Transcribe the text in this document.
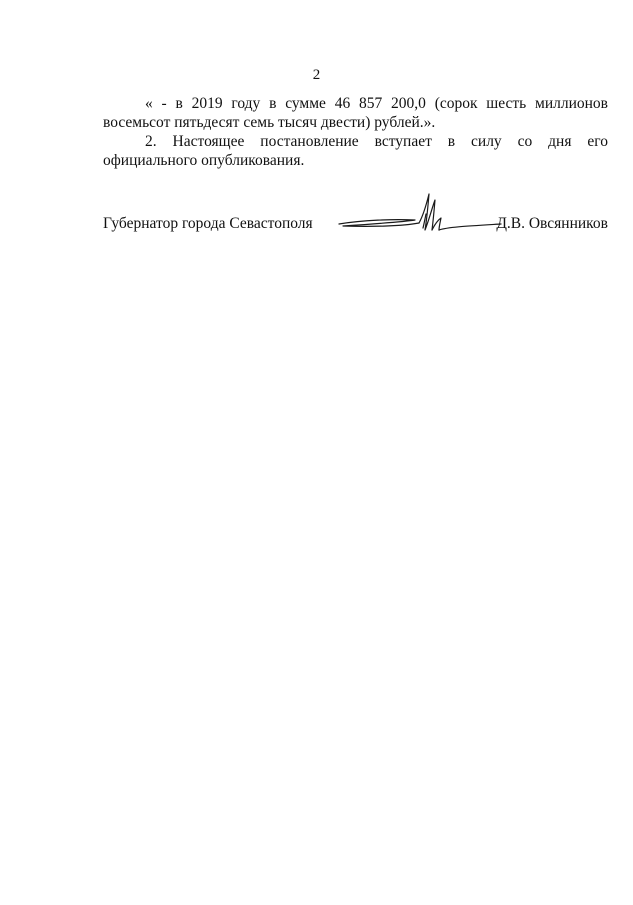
2

« - в 2019 году в сумме 46 857 200,0 (сорок шесть миллионов восемьсот пятьдесят семь тысяч двести) рублей.».

2. Настоящее постановление вступает в силу со дня его официального опубликования.

Губернатор города Севастополя	Д.В. Овсянников
